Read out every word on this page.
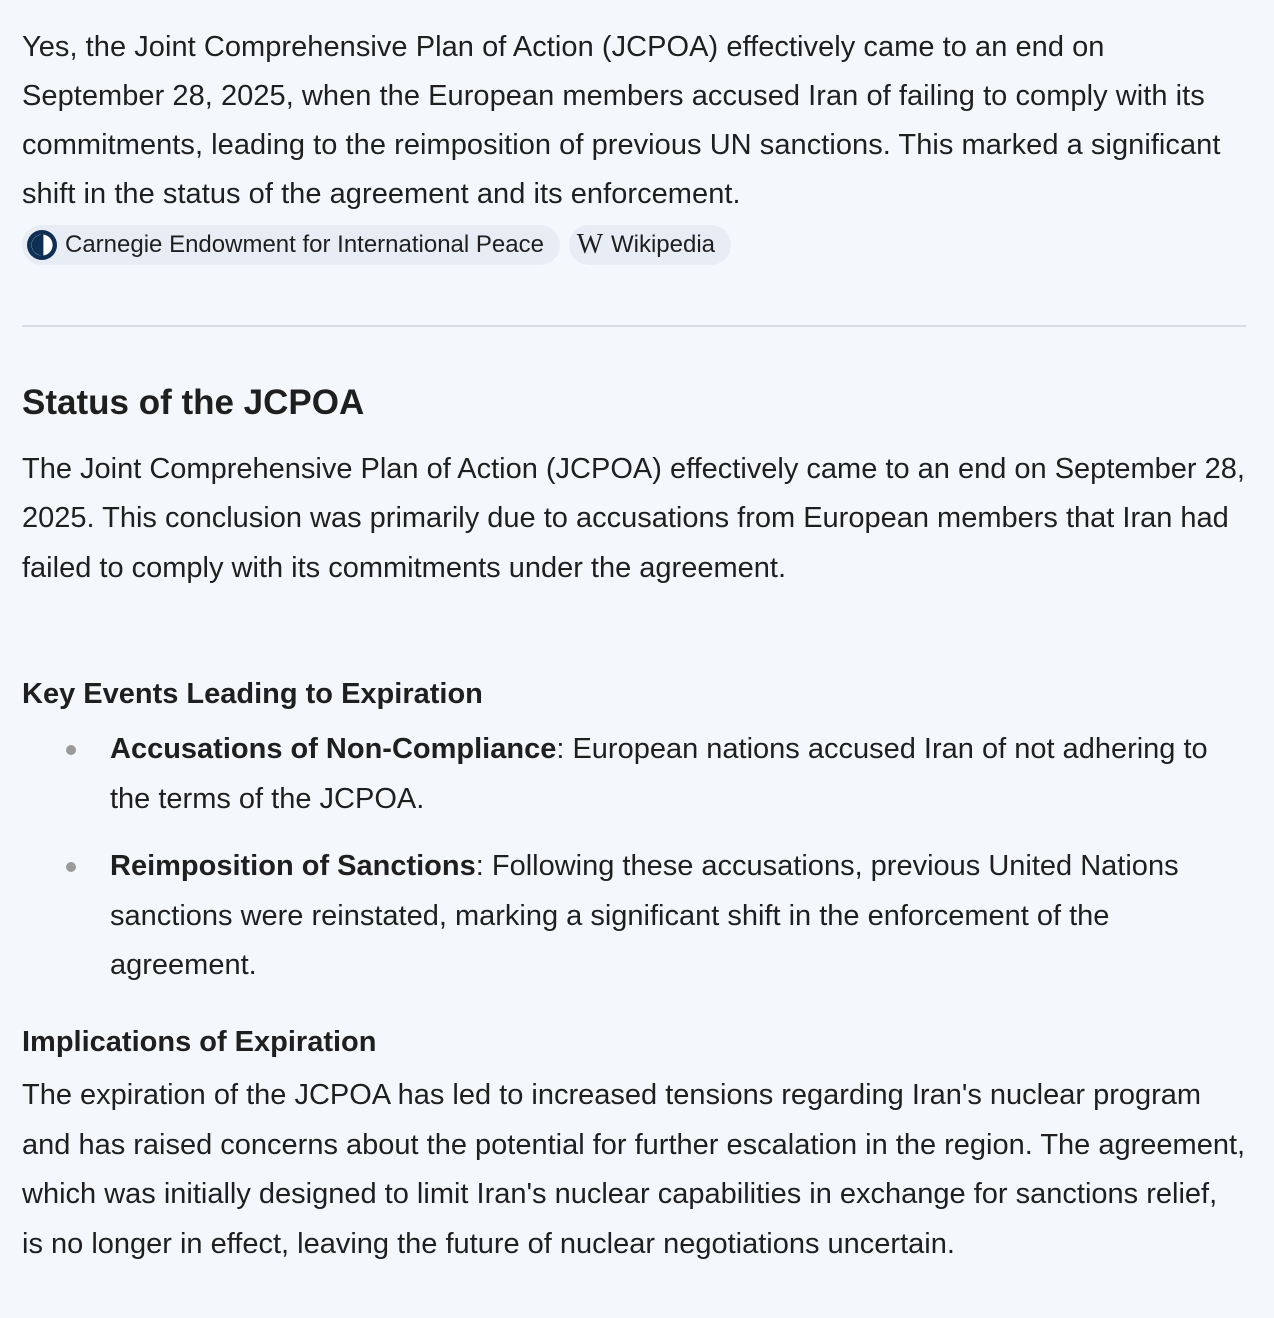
Yes, the Joint Comprehensive Plan of Action (JCPOA) effectively came to an end on September 28, 2025, when the European members accused Iran of failing to comply with its commitments, leading to the reimposition of previous UN sanctions. This marked a significant shift in the status of the agreement and its enforcement.

Carnegie Endowment for International Peace W Wikipedia
Status of the JCPOA

The Joint Comprehensive Plan of Action (JCPOA) effectively came to an end on September 28, 2025. This conclusion was primarily due to accusations from European members that Iran had failed to comply with its commitments under the agreement.

Key Events Leading to Expiration
Accusations of Non-Compliance: European nations accused Iran of not adhering to the terms of the JCPOA.
Reimposition of Sanctions: Following these accusations, previous United Nations sanctions were reinstated, marking a significant shift in the enforcement of the agreement.
Implications of Expiration

The expiration of the JCPOA has led to increased tensions regarding Iran's nuclear program and has raised concerns about the potential for further escalation in the region. The agreement, which was initially designed to limit Iran's nuclear capabilities in exchange for sanctions relief, is no longer in effect, leaving the future of nuclear negotiations uncertain.
